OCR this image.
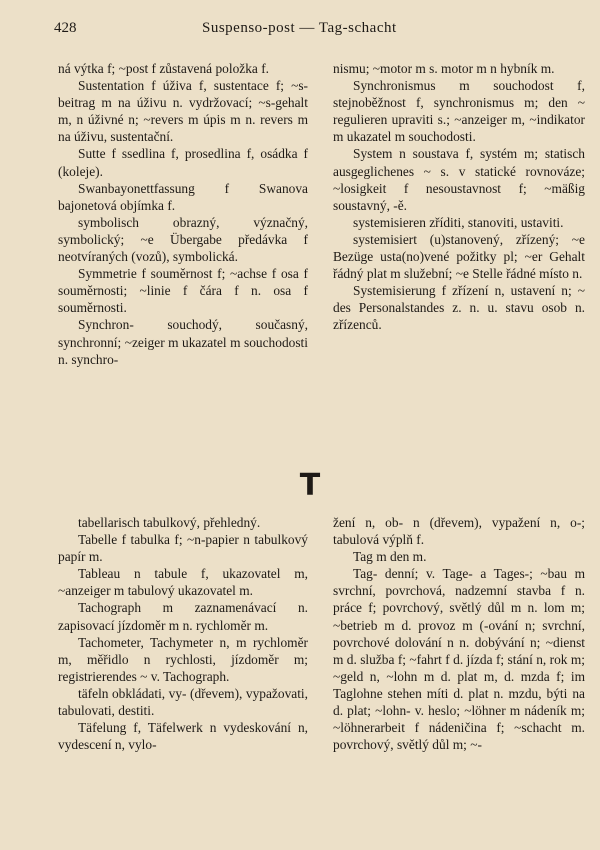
428	Suspenso-post — Tag-schacht

ná výtka f; ~post f zůstavená položka f.

Sustentation f úživa f, sustentace f; ~s-beitrag m na úživu n. vydržovací; ~s-gehalt m, n úživné n; ~revers m úpis m n. revers m na úživu, sustentační.

Sutte f ssedlina f, prosedlina f, osádka f (koleje).

Swanbayonettfassung f Swanova bajonetová objímka f.

symbolisch obrazný, význačný, symbolický; ~e Übergabe předávka f neotvíraných (vozů), symbolická.

Symmetrie f souměrnost f; ~achse f osa f souměrnosti; ~linie f čára f n. osa f souměrnosti.

Synchron- souchodý, současný, synchronní; ~zeiger m ukazatel m souchodosti n. synchro-

nismu; ~motor m s. motor m n hybník m.

Synchronismus m souchodost f, stejnoběžnost f, synchronismus m; den ~ regulieren upraviti s.; ~anzeiger m, ~indikator m ukazatel m souchodosti.

System n soustava f, systém m; statisch ausgeglichenes ~ s. v statické rovnováze; ~losigkeit f nesoustavnost f; ~mäßig soustavný, -ě.

systemisieren zříditi, stanoviti, ustaviti.

systemisiert (u)stanovený, zřízený; ~e Bezüge usta(no)vené požitky pl; ~er Gehalt řádný plat m služební; ~e Stelle řádné místo n.

Systemisierung f zřízení n, ustavení n; ~ des Personalstandes z. n. u. stavu osob n. zřízenců.

T

tabellarisch tabulkový, přehledný.

Tabelle f tabulka f; ~n-papier n tabulkový papír m.

Tableau n tabule f, ukazovatel m, ~anzeiger m tabulový ukazovatel m.

Tachograph m zaznamenávací n. zapisovací jízdoměr m n. rychloměr m.

Tachometer, Tachymeter n, m rychloměr m, měřidlo n rychlosti, jízdoměr m; registrierendes ~ v. Tachograph.

täfeln obkládati, vy- (dřevem), vypažovati, tabulovati, destiti.

Täfelung f, Täfelwerk n vydeskování n, vydescení n, vylo-

žení n, ob- n (dřevem), vypažení n, o-; tabulová výplň f.

Tag m den m.

Tag- denní; v. Tage- a Tages-; ~bau m svrchní, povrchová, nadzemní stavba f n. práce f; povrchový, světlý důl m n. lom m; ~betrieb m d. provoz m (-ování n; svrchní, povrchové dolování n n. dobývání n; ~dienst m d. služba f; ~fahrt f d. jízda f; stání n, rok m; ~geld n, ~lohn m d. plat m, d. mzda f; im Taglohne stehen míti d. plat n. mzdu, býti na d. plat; ~lohn- v. heslo; ~löhner m nádeník m; ~löhnerarbeit f nádeničina f; ~schacht m. povrchový, světlý důl m; ~-
